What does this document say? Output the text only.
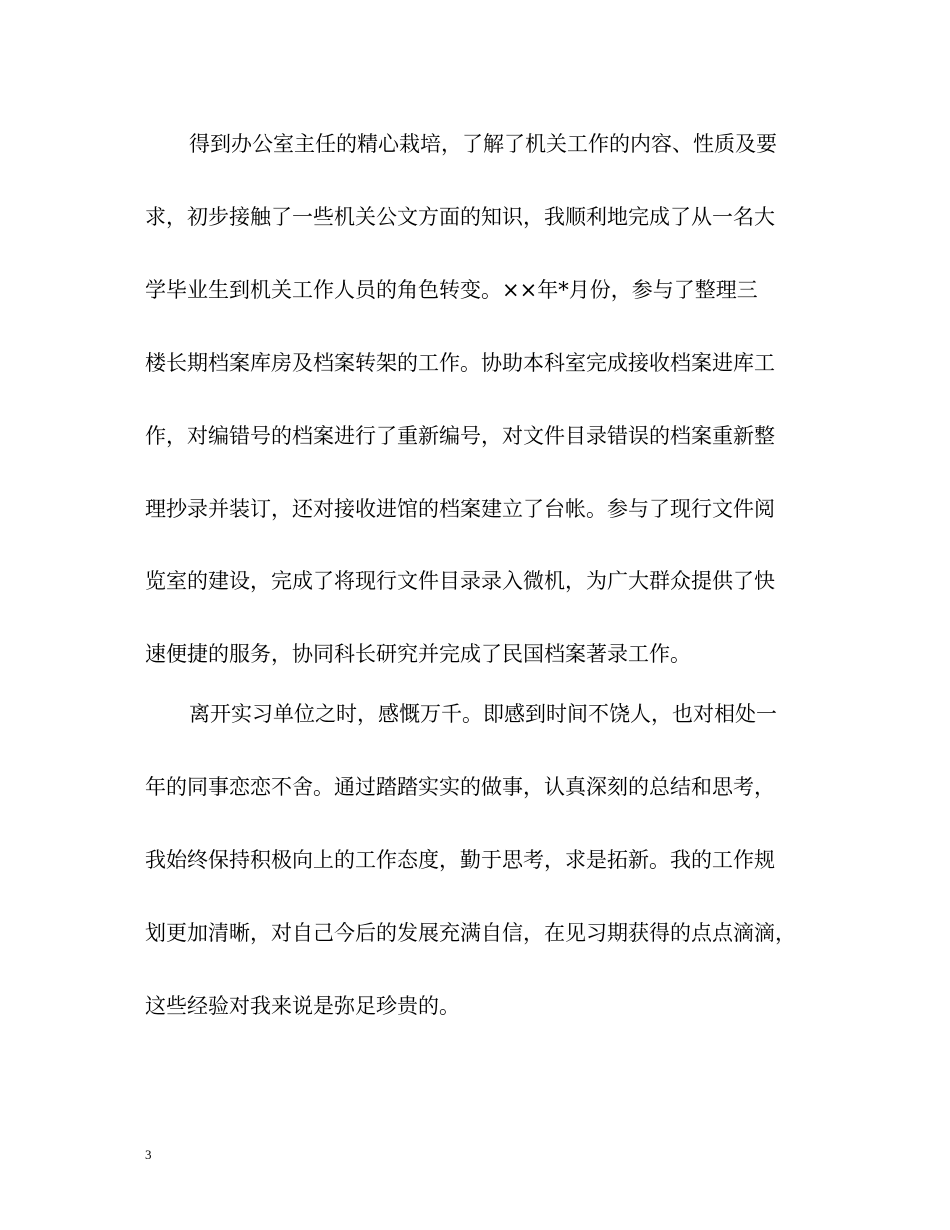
得到办公室主任的精心栽培，了解了机关工作的内容、性质及要
求，初步接触了一些机关公文方面的知识，我顺利地完成了从一名大
学毕业生到机关工作人员的角色转变。××年*月份，参与了整理三
楼长期档案库房及档案转架的工作。协助本科室完成接收档案进库工
作，对编错号的档案进行了重新编号，对文件目录错误的档案重新整
理抄录并装订，还对接收进馆的档案建立了台帐。参与了现行文件阅
览室的建设，完成了将现行文件目录录入微机，为广大群众提供了快
速便捷的服务，协同科长研究并完成了民国档案著录工作。
离开实习单位之时，感慨万千。即感到时间不饶人，也对相处一
年的同事恋恋不舍。通过踏踏实实的做事，认真深刻的总结和思考，
我始终保持积极向上的工作态度，勤于思考，求是拓新。我的工作规
划更加清晰，对自己今后的发展充满自信，在见习期获得的点点滴滴，
这些经验对我来说是弥足珍贵的。
3
